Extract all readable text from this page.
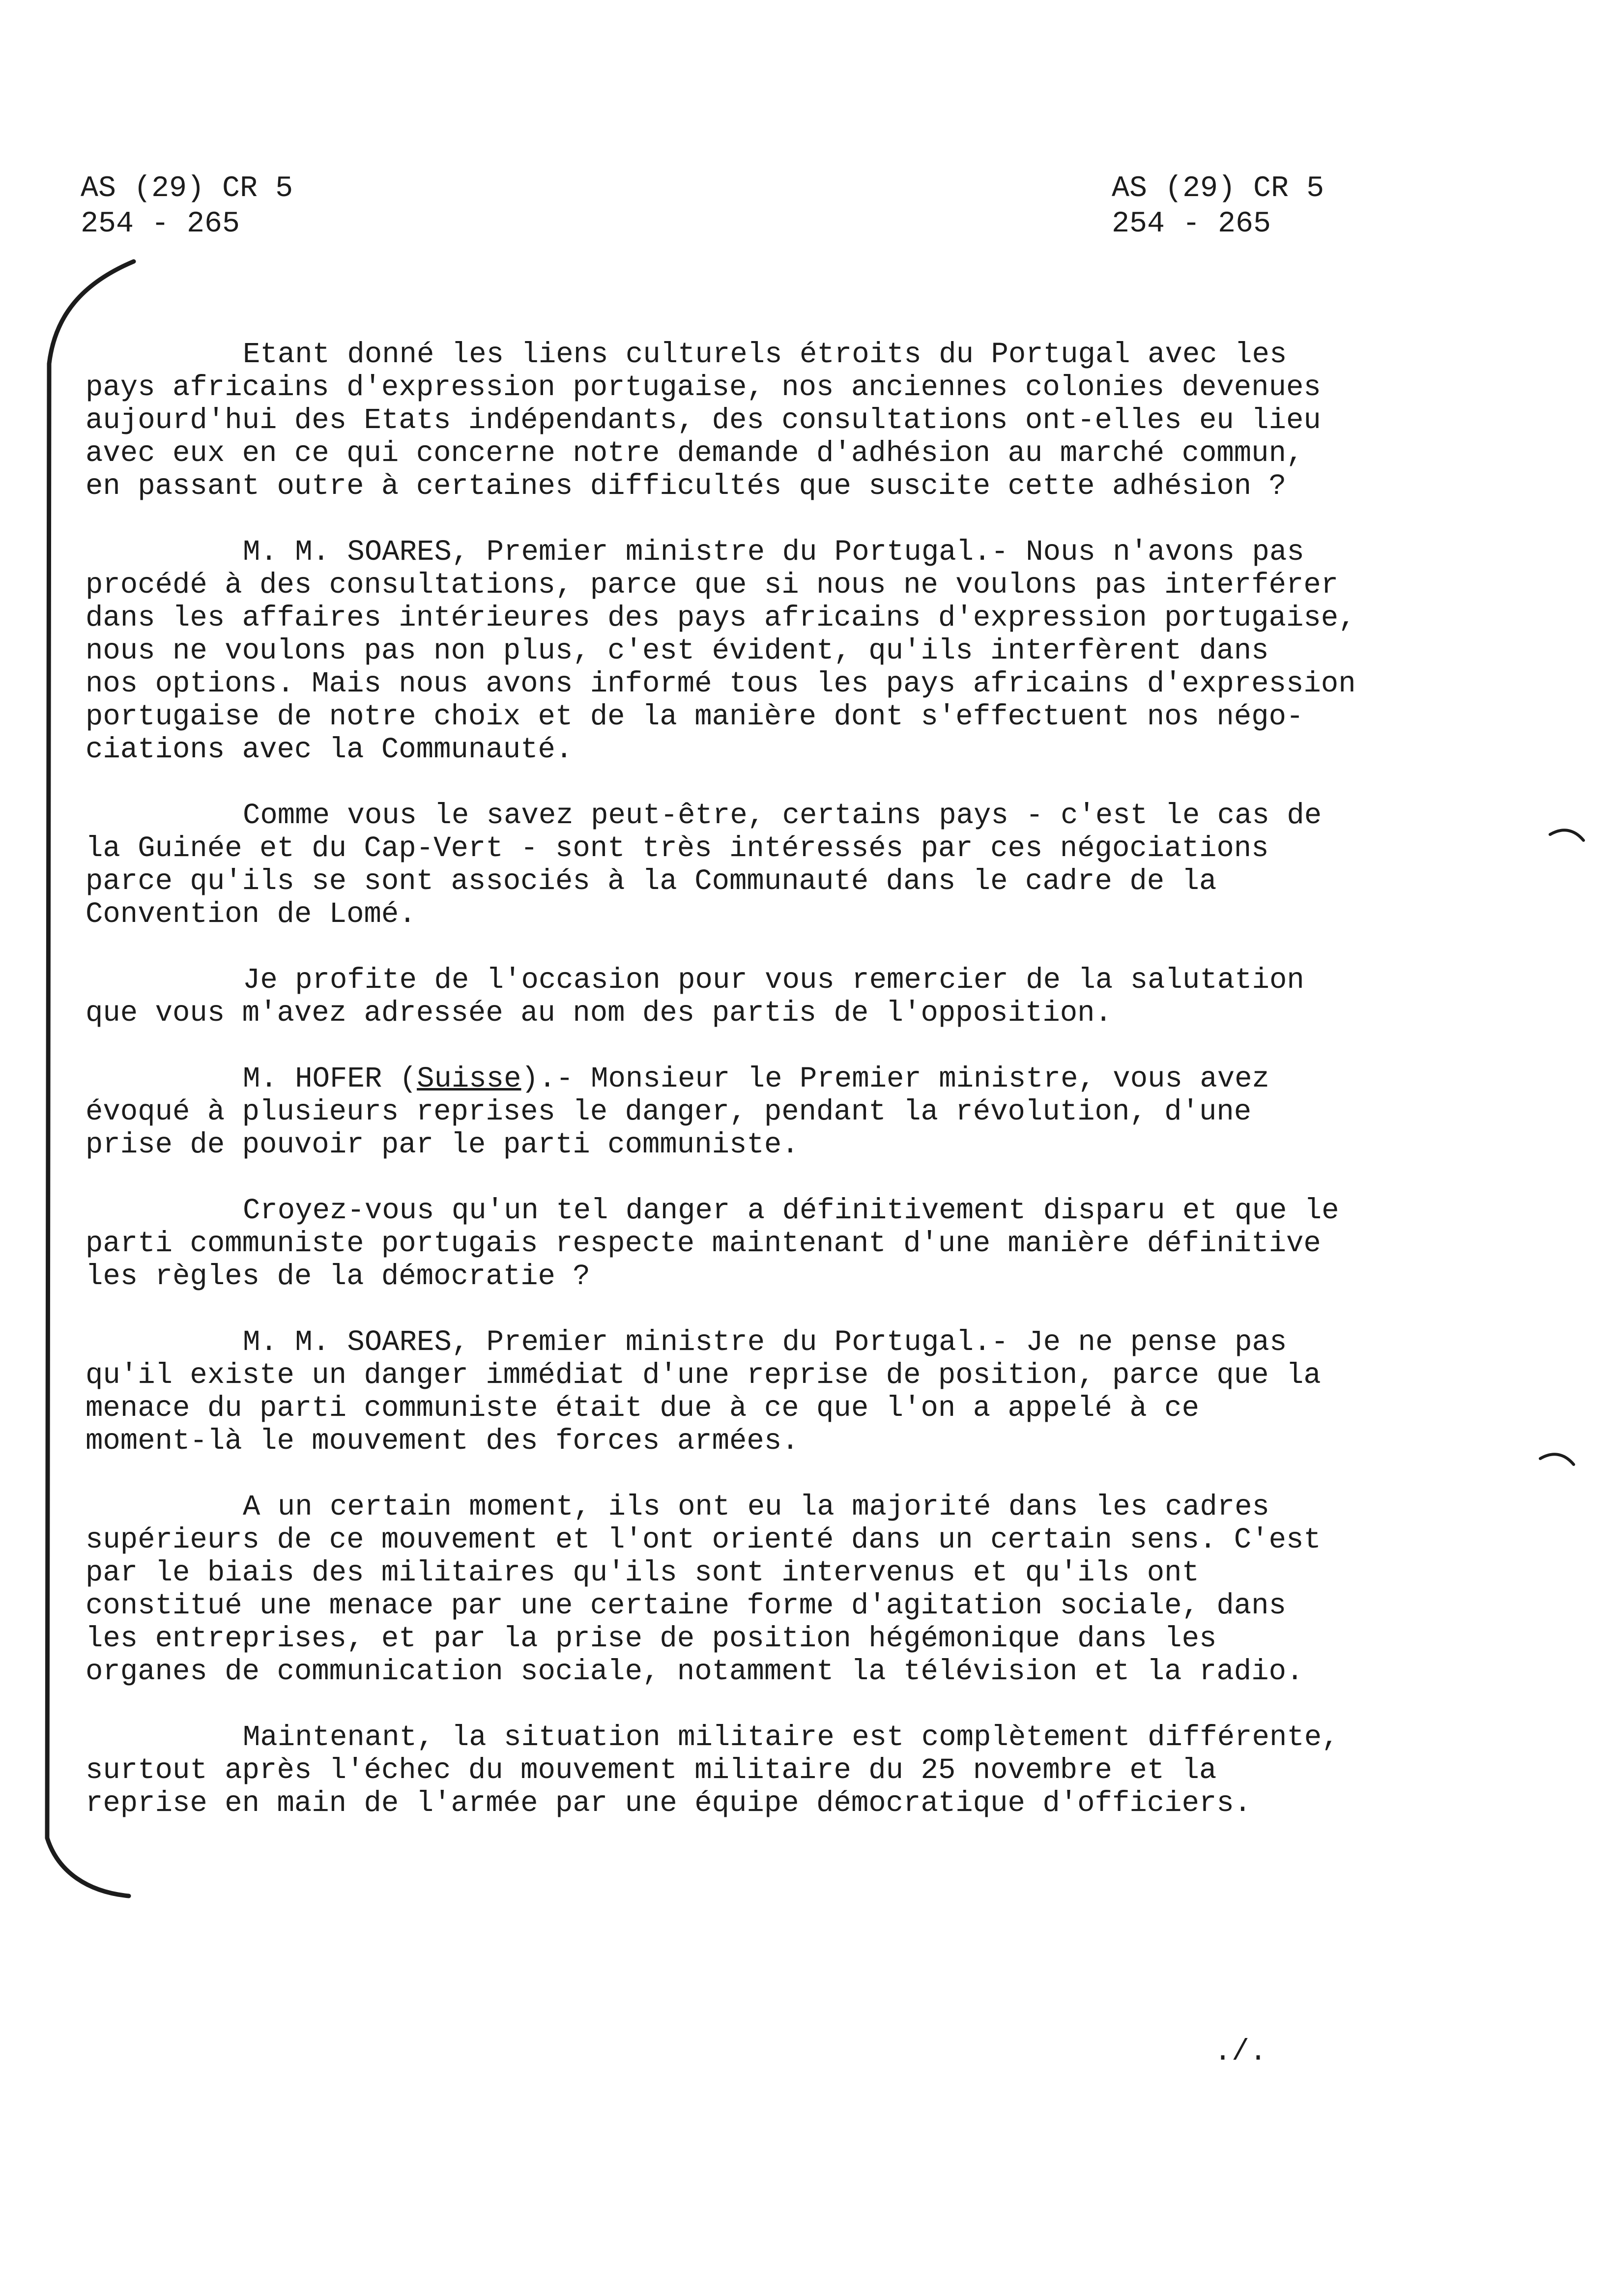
AS (29) CR 5
254 - 265
AS (29) CR 5
254 - 265

Etant donné les liens culturels étroits du Portugal avec les
pays africains d'expression portugaise, nos anciennes colonies devenues
aujourd'hui des Etats indépendants, des consultations ont-elles eu lieu
avec eux en ce qui concerne notre demande d'adhésion au marché commun,
en passant outre à certaines difficultés que suscite cette adhésion ?

M. M. SOARES, Premier ministre du Portugal.- Nous n'avons pas
procédé à des consultations, parce que si nous ne voulons pas interférer
dans les affaires intérieures des pays africains d'expression portugaise,
nous ne voulons pas non plus, c'est évident, qu'ils interfèrent dans
nos options. Mais nous avons informé tous les pays africains d'expression
portugaise de notre choix et de la manière dont s'effectuent nos négo-
ciations avec la Communauté.

Comme vous le savez peut-être, certains pays - c'est le cas de
la Guinée et du Cap-Vert - sont très intéressés par ces négociations
parce qu'ils se sont associés à la Communauté dans le cadre de la
Convention de Lomé.

Je profite de l'occasion pour vous remercier de la salutation
que vous m'avez adressée au nom des partis de l'opposition.

M. HOFER (Suisse).- Monsieur le Premier ministre, vous avez
évoqué à plusieurs reprises le danger, pendant la révolution, d'une
prise de pouvoir par le parti communiste.

Croyez-vous qu'un tel danger a définitivement disparu et que le
parti communiste portugais respecte maintenant d'une manière définitive
les règles de la démocratie ?

M. M. SOARES, Premier ministre du Portugal.- Je ne pense pas
qu'il existe un danger immédiat d'une reprise de position, parce que la
menace du parti communiste était due à ce que l'on a appelé à ce
moment-là le mouvement des forces armées.

A un certain moment, ils ont eu la majorité dans les cadres
supérieurs de ce mouvement et l'ont orienté dans un certain sens. C'est
par le biais des militaires qu'ils sont intervenus et qu'ils ont
constitué une menace par une certaine forme d'agitation sociale, dans
les entreprises, et par la prise de position hégémonique dans les
organes de communication sociale, notamment la télévision et la radio.

Maintenant, la situation militaire est complètement différente,
surtout après l'échec du mouvement militaire du 25 novembre et la
reprise en main de l'armée par une équipe démocratique d'officiers.

./.
